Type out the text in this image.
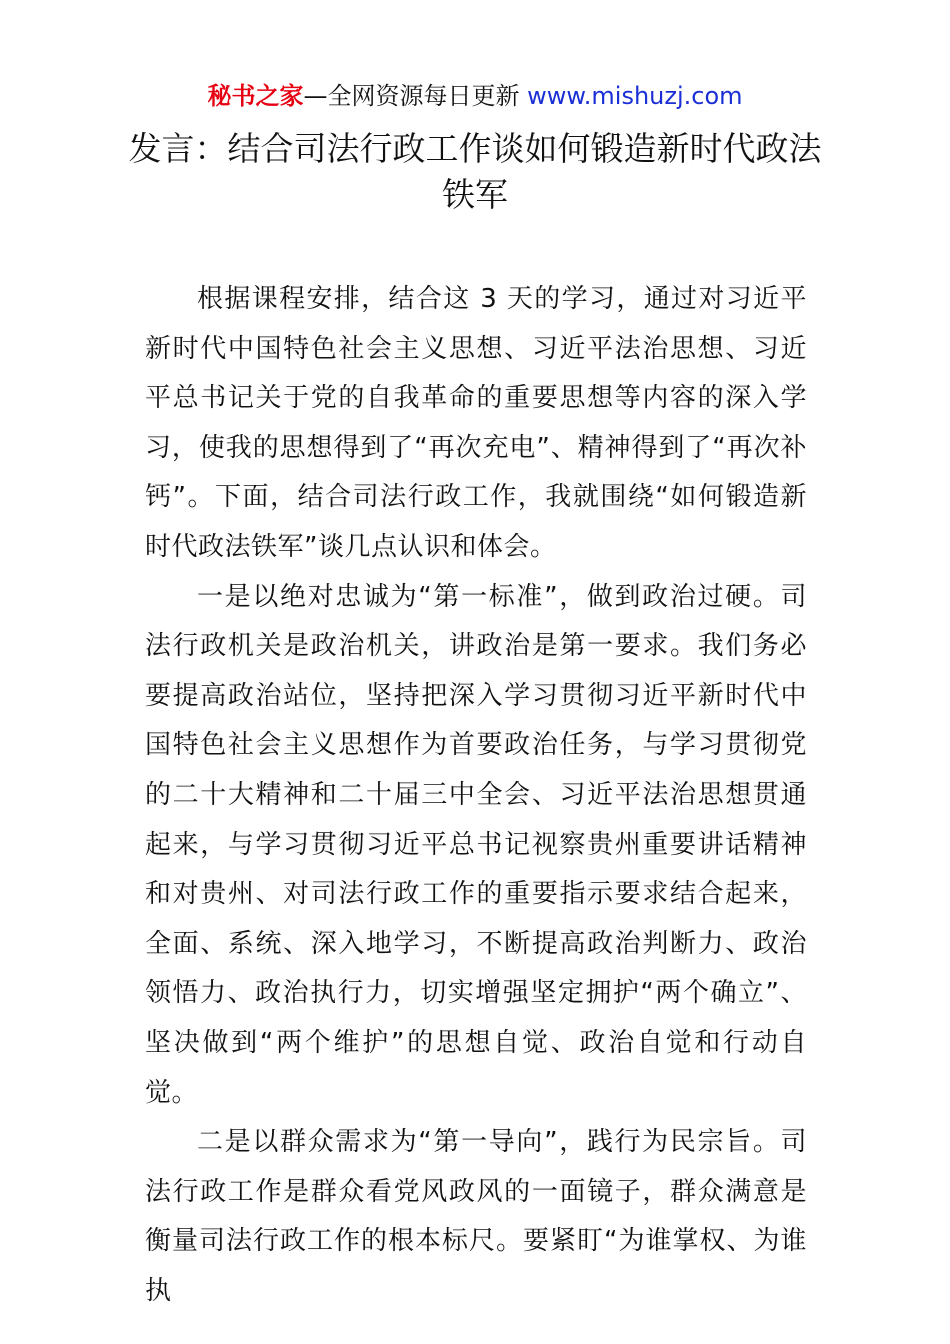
秘书之家—全网资源每日更新 www.mishuzj.com
发言：结合司法行政工作谈如何锻造新时代政法铁军

根据课程安排，结合这 3 天的学习，通过对习近平新时代中国特色社会主义思想、习近平法治思想、习近平总书记关于党的自我革命的重要思想等内容的深入学习，使我的思想得到了“再次充电”、精神得到了“再次补钙”。下面，结合司法行政工作，我就围绕“如何锻造新时代政法铁军”谈几点认识和体会。

一是以绝对忠诚为“第一标准”，做到政治过硬。司法行政机关是政治机关，讲政治是第一要求。我们务必要提高政治站位，坚持把深入学习贯彻习近平新时代中国特色社会主义思想作为首要政治任务，与学习贯彻党的二十大精神和二十届三中全会、习近平法治思想贯通起来，与学习贯彻习近平总书记视察贵州重要讲话精神和对贵州、对司法行政工作的重要指示要求结合起来，全面、系统、深入地学习，不断提高政治判断力、政治领悟力、政治执行力，切实增强坚定拥护“两个确立”、坚决做到“两个维护”的思想自觉、政治自觉和行动自觉。

二是以群众需求为“第一导向”，践行为民宗旨。司法行政工作是群众看党风政风的一面镜子，群众满意是衡量司法行政工作的根本标尺。要紧盯“为谁掌权、为谁执
